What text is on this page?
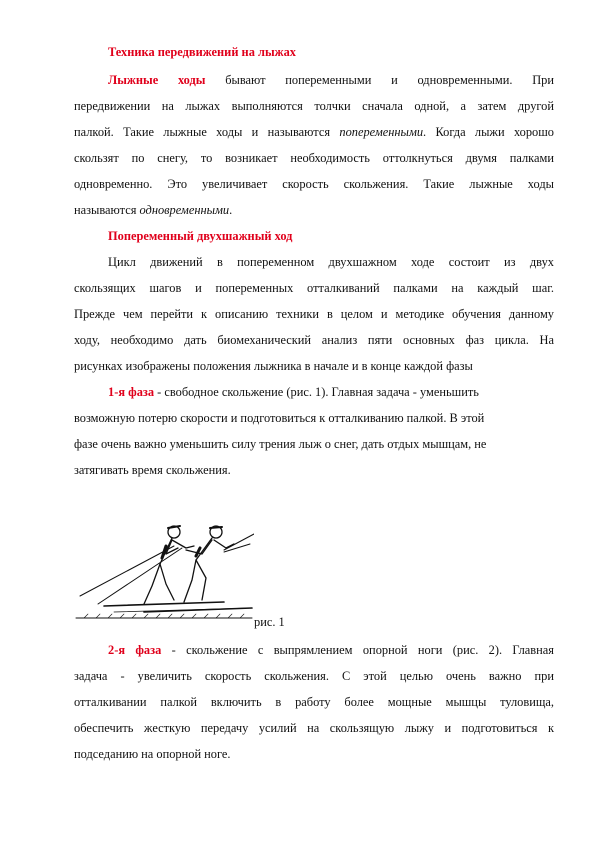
Техника передвижений на лыжах
Лыжные ходы бывают попеременными и одновременными. При
передвижении на лыжах выполняются толчки сначала одной, а затем другой
палкой. Такие лыжные ходы и называются попеременными. Когда лыжи хорошо
скользят по снегу, то возникает необходимость оттолкнуться двумя палками
одновременно. Это увеличивает скорость скольжения. Такие лыжные ходы
называются одновременными.
Попеременный двухшажный ход
Цикл движений в попеременном двухшажном ходе состоит из двух
скользящих шагов и попеременных отталкиваний палками на каждый шаг.
Прежде чем перейти к описанию техники в целом и методике обучения данному
ходу, необходимо дать биомеханический анализ пяти основных фаз цикла. На
рисунках изображены положения лыжника в начале и в конце каждой фазы
1-я фаза - свободное скольжение (рис. 1). Главная задача - уменьшить
возможную потерю скорости и подготовиться к отталкиванию палкой. В этой
фазе очень важно уменьшить силу трения лыж о снег, дать отдых мышцам, не
затягивать время скольжения.
рис. 1
2-я фаза - скольжение с выпрямлением опорной ноги (рис. 2). Главная
задача - увеличить скорость скольжения. С этой целью очень важно при
отталкивании палкой включить в работу более мощные мышцы туловища,
обеспечить жесткую передачу усилий на скользящую лыжу и подготовиться к
подседанию на опорной ноге.
